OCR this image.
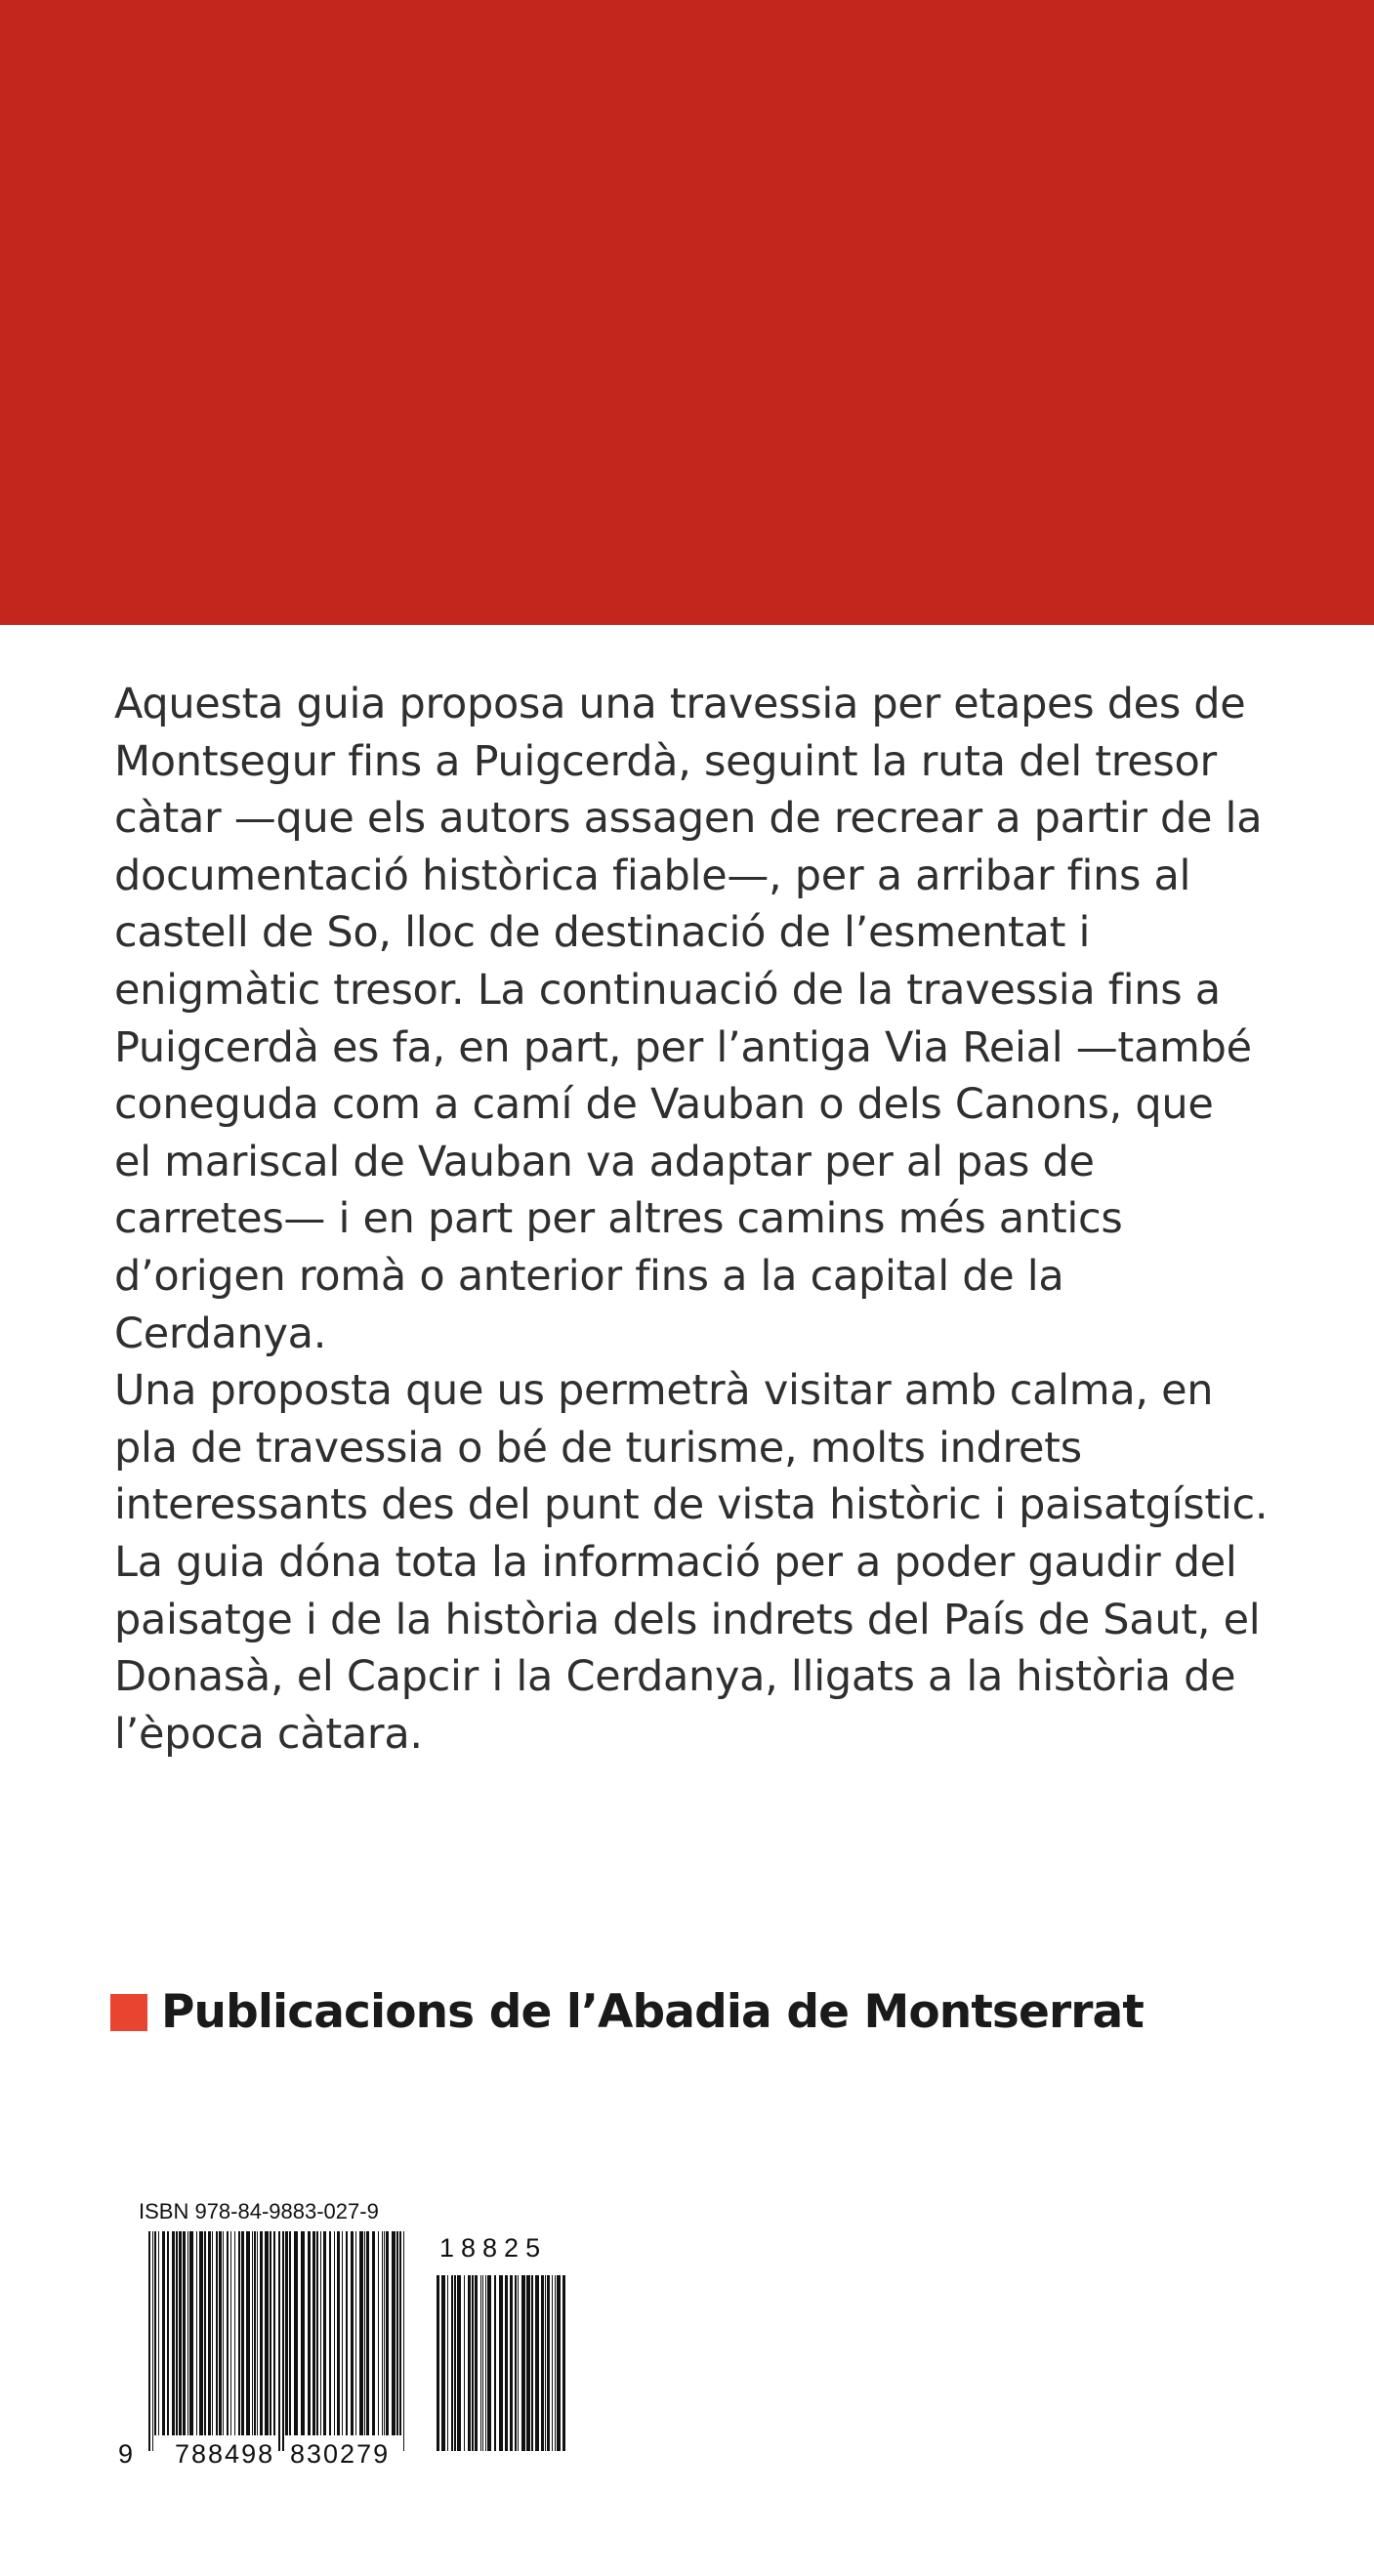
Aquesta guia proposa una travessia per etapes des de
Montsegur fins a Puigcerdà, seguint la ruta del tresor
càtar —que els autors assagen de recrear a partir de la
documentació històrica fiable—, per a arribar fins al
castell de So, lloc de destinació de l’esmentat i
enigmàtic tresor. La continuació de la travessia fins a
Puigcerdà es fa, en part, per l’antiga Via Reial —també
coneguda com a camí de Vauban o dels Canons, que
el mariscal de Vauban va adaptar per al pas de
carretes— i en part per altres camins més antics
d’origen romà o anterior fins a la capital de la
Cerdanya.
Una proposta que us permetrà visitar amb calma, en
pla de travessia o bé de turisme, molts indrets
interessants des del punt de vista històric i paisatgístic.
La guia dóna tota la informació per a poder gaudir del
paisatge i de la història dels indrets del País de Saut, el
Donasà, el Capcir i la Cerdanya, lligats a la història de
l’època càtara.
Publicacions de l’Abadia de Montserrat
ISBN 978-84-9883-027-9
18825
9 788498 830279
